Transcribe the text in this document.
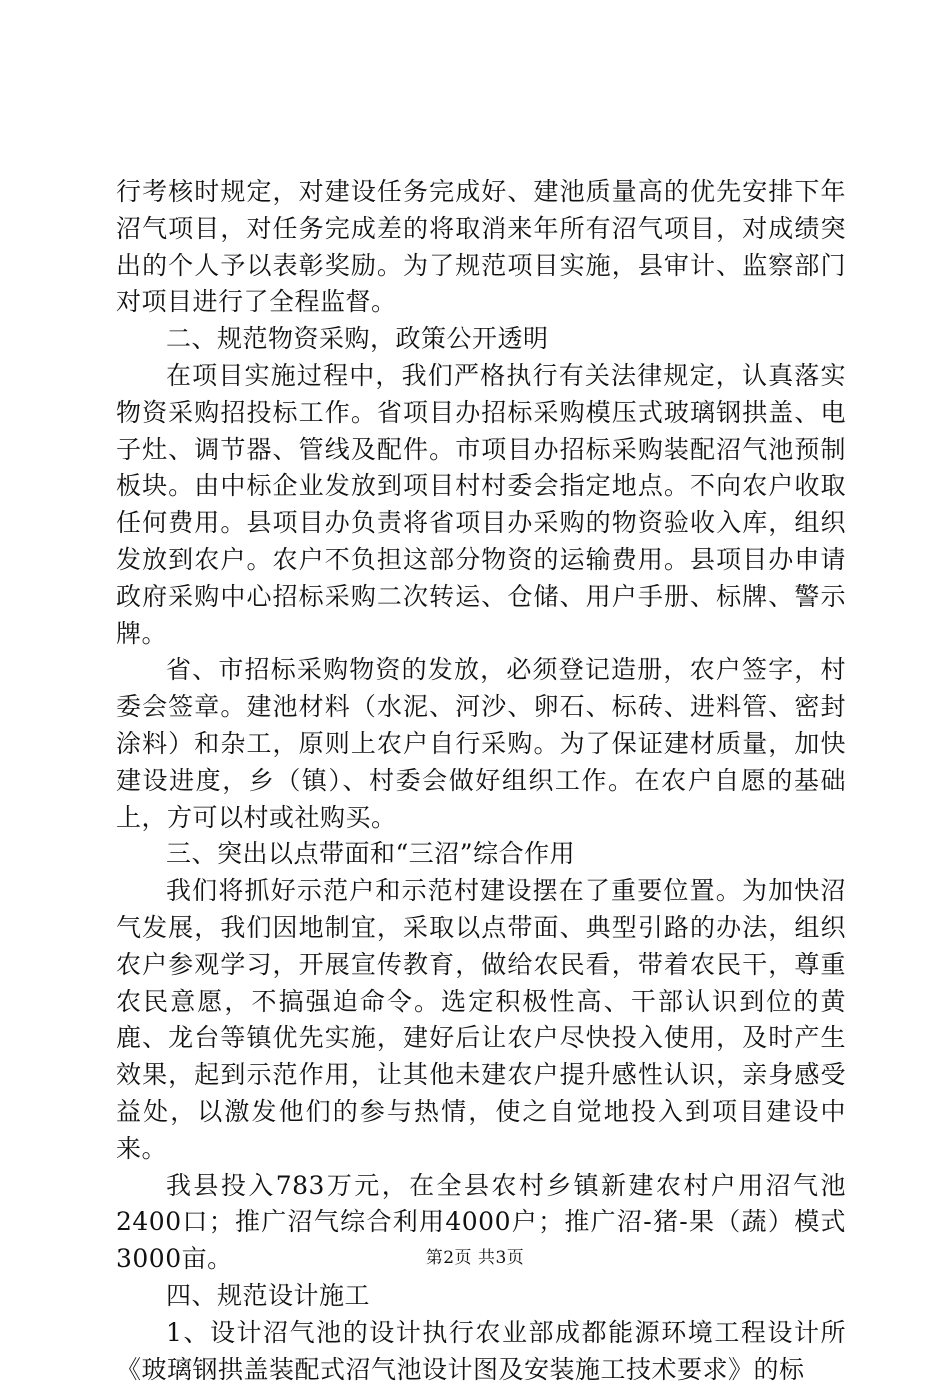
行考核时规定，对建设任务完成好、建池质量高的优先安排下年沼气项目，对任务完成差的将取消来年所有沼气项目，对成绩突出的个人予以表彰奖励。为了规范项目实施，县审计、监察部门对项目进行了全程监督。

二、规范物资采购，政策公开透明

在项目实施过程中，我们严格执行有关法律规定，认真落实物资采购招投标工作。省项目办招标采购模压式玻璃钢拱盖、电子灶、调节器、管线及配件。市项目办招标采购装配沼气池预制板块。由中标企业发放到项目村村委会指定地点。不向农户收取任何费用。县项目办负责将省项目办采购的物资验收入库，组织发放到农户。农户不负担这部分物资的运输费用。县项目办申请政府采购中心招标采购二次转运、仓储、用户手册、标牌、警示牌。

省、市招标采购物资的发放，必须登记造册，农户签字，村委会签章。建池材料（水泥、河沙、卵石、标砖、进料管、密封涂料）和杂工，原则上农户自行采购。为了保证建材质量，加快建设进度，乡（镇）、村委会做好组织工作。在农户自愿的基础上，方可以村或社购买。

三、突出以点带面和“三沼”综合作用

我们将抓好示范户和示范村建设摆在了重要位置。为加快沼气发展，我们因地制宜，采取以点带面、典型引路的办法，组织农户参观学习，开展宣传教育，做给农民看，带着农民干，尊重农民意愿，不搞强迫命令。选定积极性高、干部认识到位的黄鹿、龙台等镇优先实施，建好后让农户尽快投入使用，及时产生效果，起到示范作用，让其他未建农户提升感性认识，亲身感受益处，以激发他们的参与热情，使之自觉地投入到项目建设中来。

我县投入783万元，在全县农村乡镇新建农村户用沼气池2400口；推广沼气综合利用4000户；推广沼-猪-果（蔬）模式3000亩。

四、规范设计施工

1、设计沼气池的设计执行农业部成都能源环境工程设计所《玻璃钢拱盖装配式沼气池设计图及安装施工技术要求》的标

第2页 共3页
